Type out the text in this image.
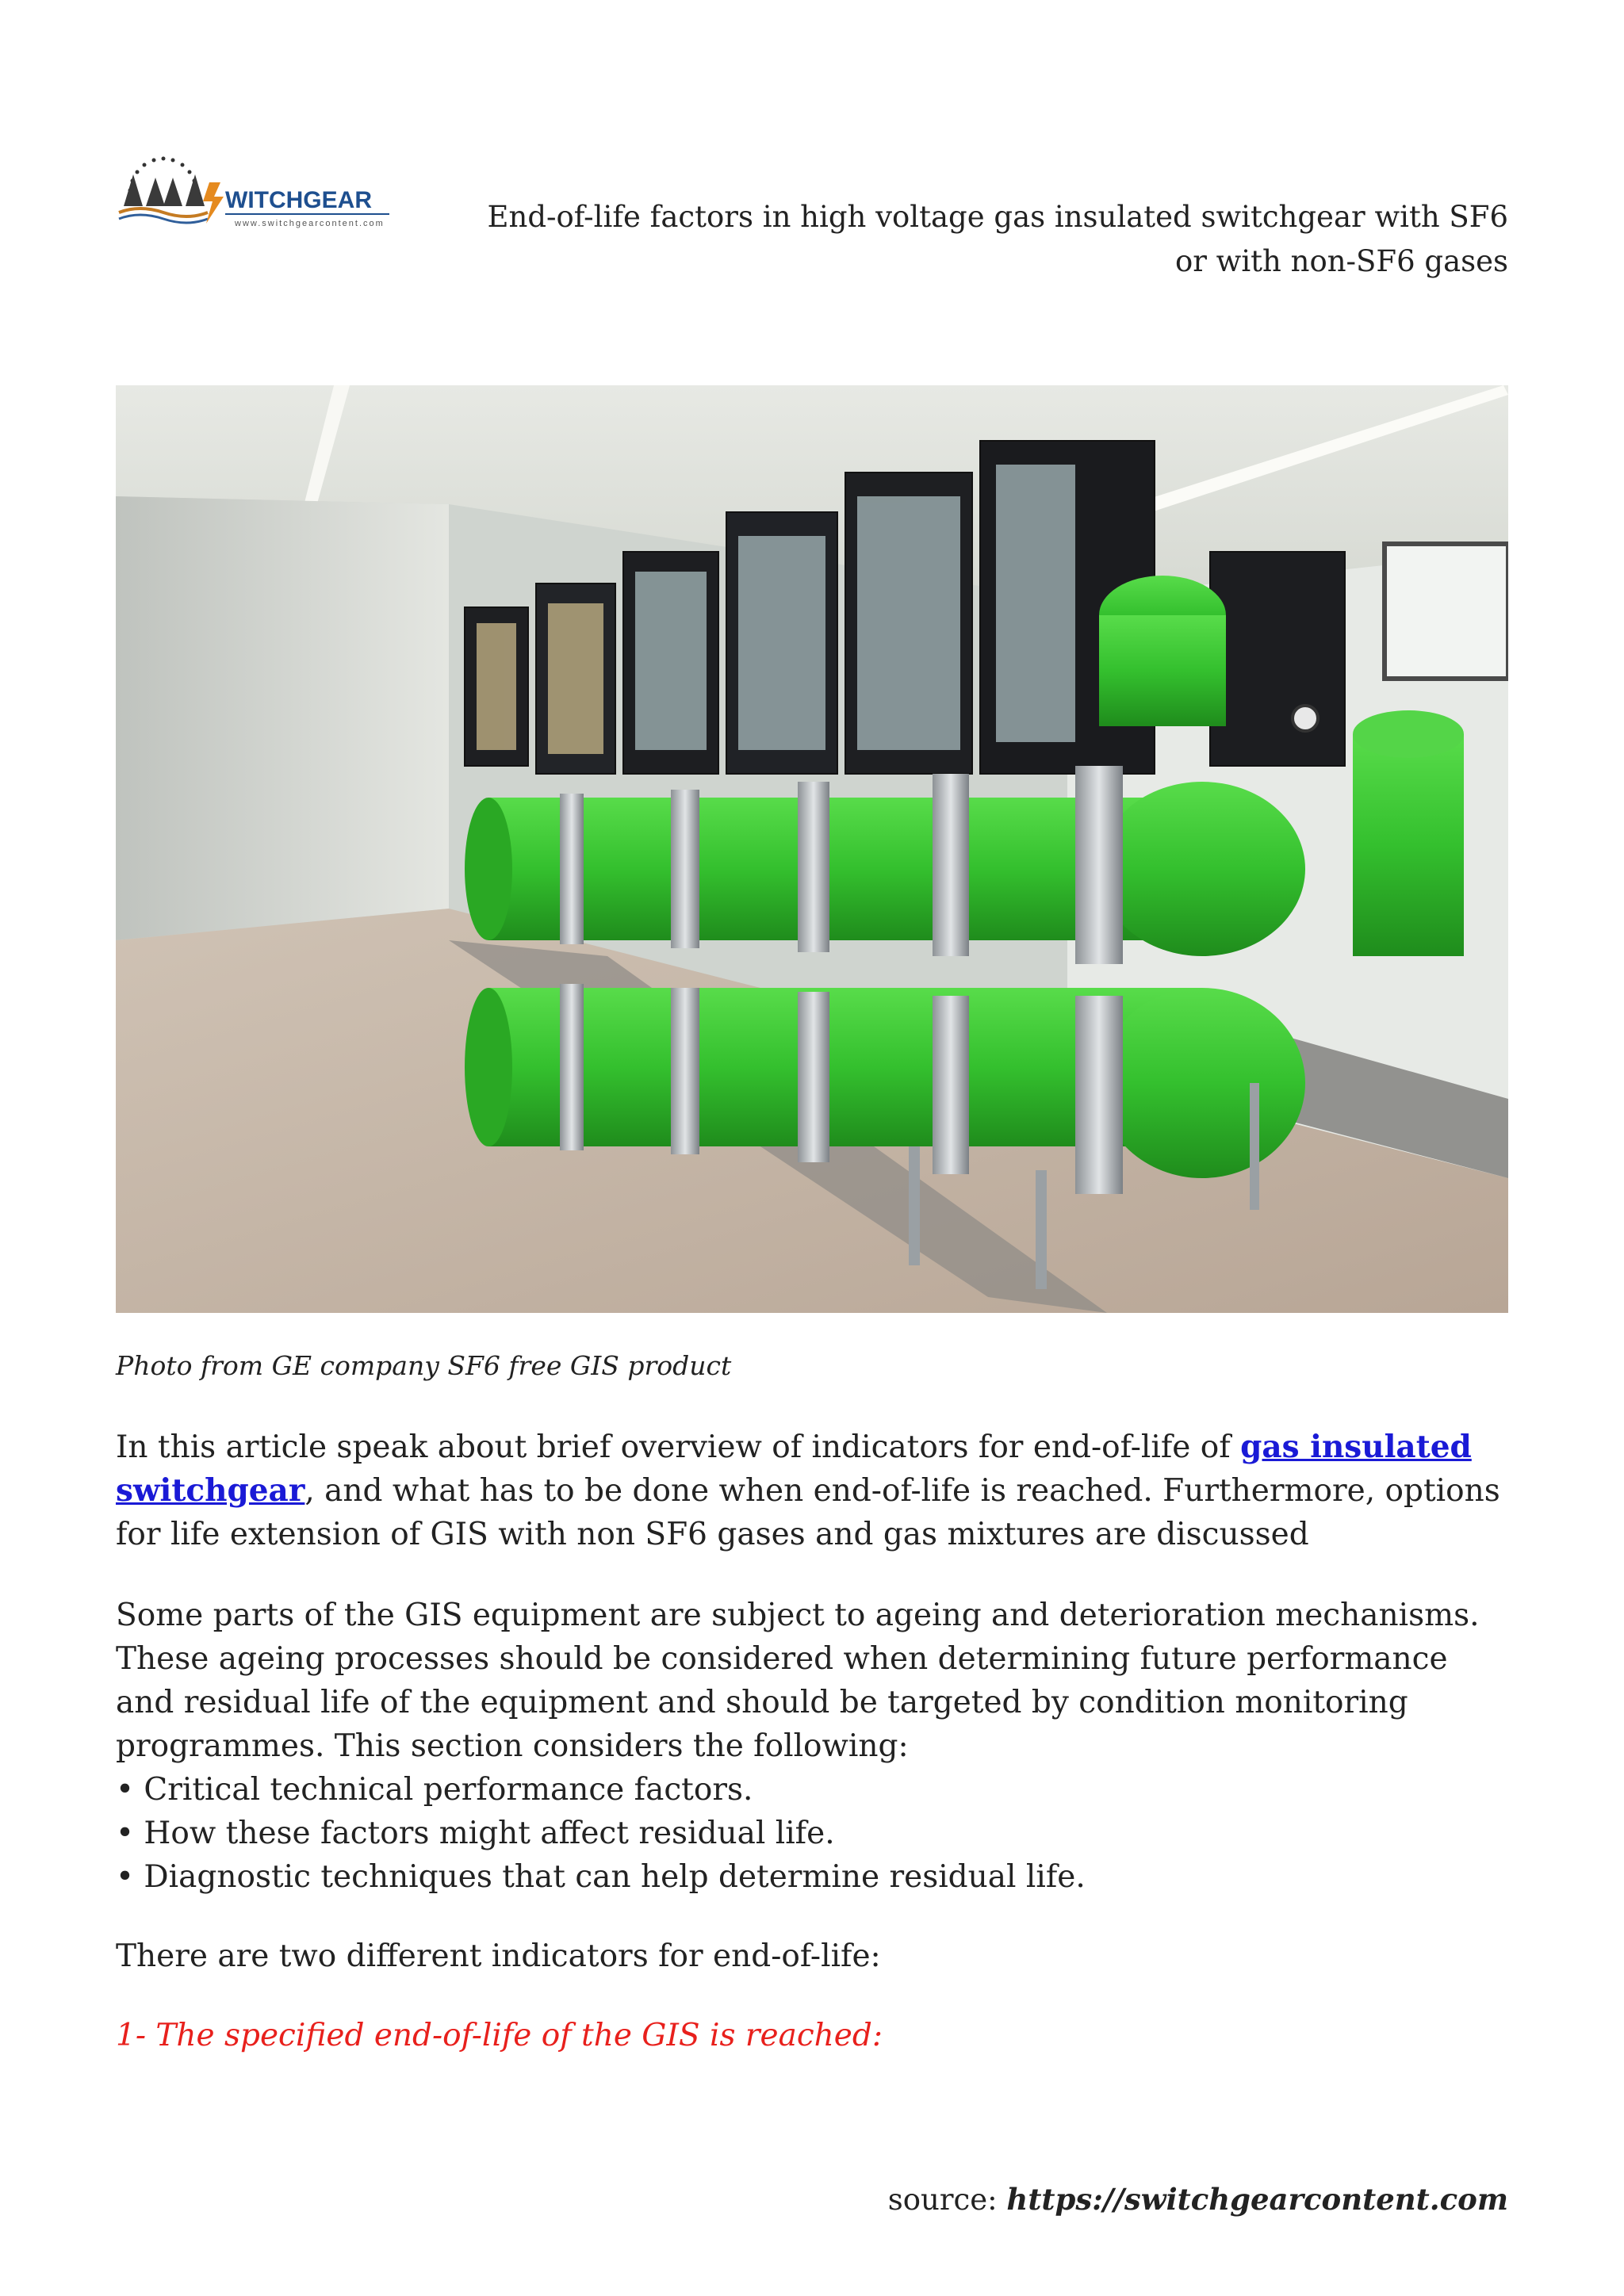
WITCHGEAR
www.switchgearcontent.com	End-of-life factors in high voltage gas insulated switchgear with SF6
or with non-SF6 gases
Photo from GE company SF6 free GIS product
In this article speak about brief overview of indicators for end-of-life of gas insulated switchgear, and what has to be done when end-of-life is reached. Furthermore, options for life extension of GIS with non SF6 gases and gas mixtures are discussed
Some parts of the GIS equipment are subject to ageing and deterioration mechanisms. These ageing processes should be considered when determining future performance and residual life of the equipment and should be targeted by condition monitoring programmes. This section considers the following:
• Critical technical performance factors.
• How these factors might affect residual life.
• Diagnostic techniques that can help determine residual life.
There are two different indicators for end-of-life:
1- The specified end-of-life of the GIS is reached:
source: https://switchgearcontent.com
